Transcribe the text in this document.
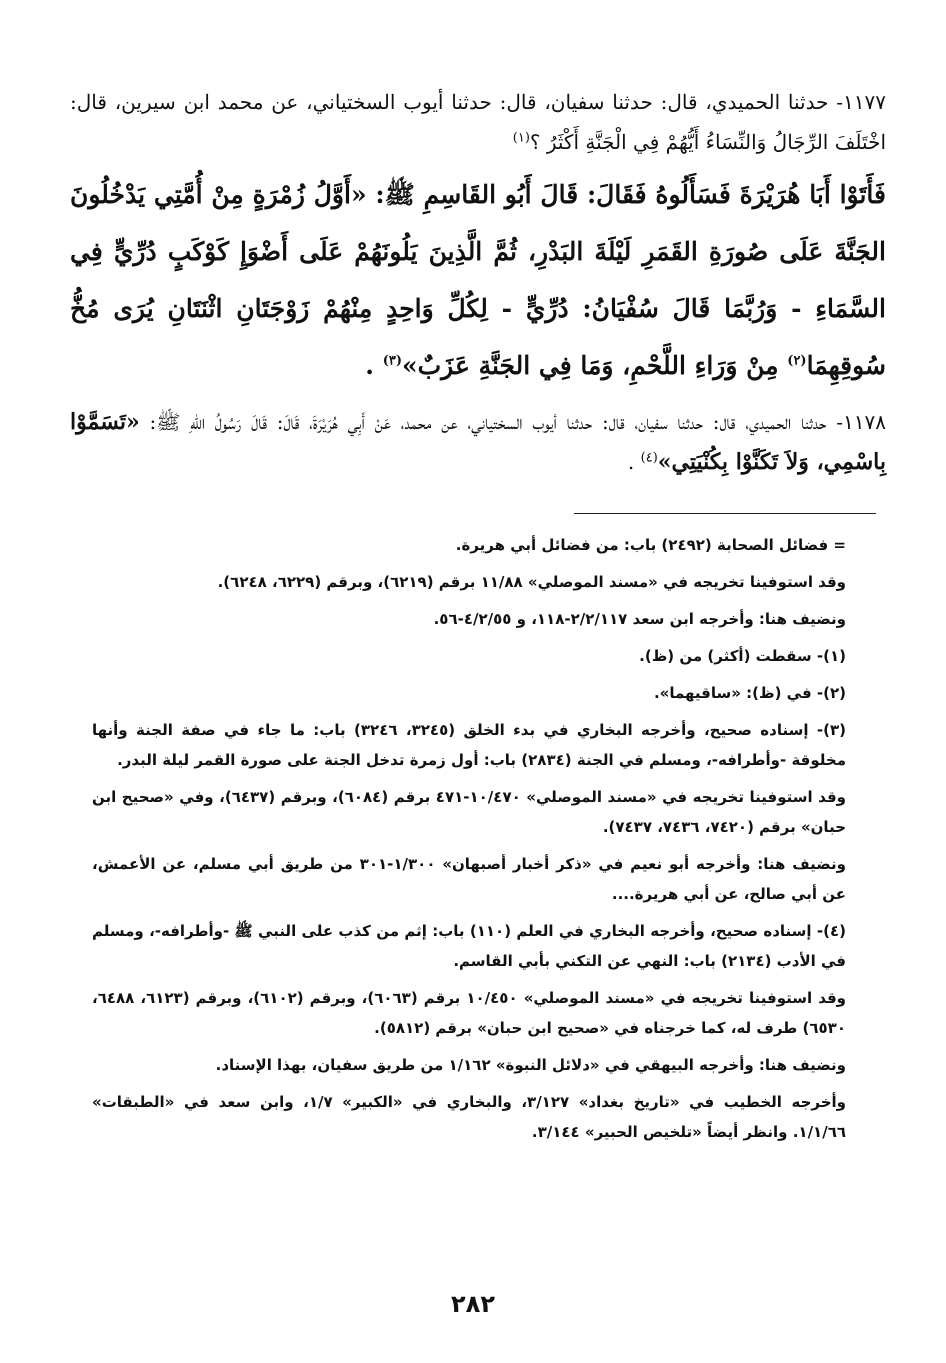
١١٧٧- حدثنا الحميدي، قال: حدثنا سفيان، قال: حدثنا أيوب السختياني، عن محمد ابن سيرين، قال: اخْتَلَفَ الرِّجَالُ وَالنِّسَاءُ أَيُّهُمْ فِي الْجَنَّةِ أَكْثَرُ ؟$^{(١)}$

فَأَتَوْا أَبَا هُرَيْرَةَ فَسَأَلُوهُ فَقَالَ: قَالَ أَبُو القَاسِمِ ﷺ: «أَوَّلُ زُمْرَةٍ مِنْ أُمَّتِي يَدْخُلُونَ الجَنَّةَ عَلَى صُورَةِ القَمَرِ لَيْلَةَ البَدْرِ، ثُمَّ الَّذِينَ يَلُونَهُمْ عَلَى أَضْوَإِ كَوْكَبٍ دُرِّيٍّ فِي السَّمَاءِ - وَرُبَّمَا قَالَ سُفْيَانُ: دُرِّيٍّ - لِكُلِّ وَاحِدٍ مِنْهُمْ زَوْجَتَانِ اثْنَتَانِ يُرَى مُخُّ سُوقِهِمَا$^{(٢)}$ مِنْ وَرَاءِ اللَّحْمِ، وَمَا فِي الجَنَّةِ عَزَبٌ»$^{(٣)}$ .

١١٧٨- حدثنا الحميدي، قال: حدثنا سفيان، قال: حدثنا أيوب السختياني، عن محمد، عَنْ أَبِي هُرَيْرَةَ، قَالَ: قَالَ رَسُولُ اللهِ ﷺ: «تَسَمَّوْا بِاسْمِي، وَلاَ تَكَنَّوْا بِكُنْيَتِي»$^{(٤)}$ .

= فضائل الصحابة (٢٤٩٢) باب: من فضائل أبي هريرة.

وقد استوفينا تخريجه في «مسند الموصلي» ١١/٨٨ برقم (٦٢١٩)، وبرقم (٦٢٢٩، ٦٢٤٨).

ونضيف هنا: وأخرجه ابن سعد ٢/٢/١١٧-١١٨، و ٤/٢/٥٥-٥٦.

(١)- سقطت (أكثر) من (ظ).

(٢)- في (ظ): «ساقيهما».

(٣)- إسناده صحيح، وأخرجه البخاري في بدء الخلق (٣٢٤٥، ٣٢٤٦) باب: ما جاء في صفة الجنة وأنها مخلوقة -وأطرافه-، ومسلم في الجنة (٢٨٣٤) باب: أول زمرة تدخل الجنة على صورة القمر ليلة البدر.

وقد استوفينا تخريجه في «مسند الموصلي» ١٠/٤٧٠-٤٧١ برقم (٦٠٨٤)، وبرقم (٦٤٣٧)، وفي «صحيح ابن حبان» برقم (٧٤٢٠، ٧٤٣٦، ٧٤٣٧).

ونضيف هنا: وأخرجه أبو نعيم في «ذكر أخبار أصبهان» ١/٣٠٠-٣٠١ من طريق أبي مسلم، عن الأعمش، عن أبي صالح، عن أبي هريرة....

(٤)- إسناده صحيح، وأخرجه البخاري في العلم (١١٠) باب: إثم من كذب على النبي ﷺ -وأطرافه-، ومسلم في الأدب (٢١٣٤) باب: النهي عن التكني بأبي القاسم.

وقد استوفينا تخريجه في «مسند الموصلي» ١٠/٤٥٠ برقم (٦٠٦٣)، وبرقم (٦١٠٢)، وبرقم (٦١٢٣، ٦٤٨٨، ٦٥٣٠) طرف له، كما خرجناه في «صحيح ابن حبان» برقم (٥٨١٢).

ونضيف هنا: وأخرجه البيهقي في «دلائل النبوة» ١/١٦٢ من طريق سفيان، بهذا الإسناد.

وأخرجه الخطيب في «تاريخ بغداد» ٣/١٢٧، والبخاري في «الكبير» ١/٧، وابن سعد في «الطبقات» ١/١/٦٦. وانظر أيضاً «تلخيص الحبير» ٣/١٤٤.

٢٨٢
